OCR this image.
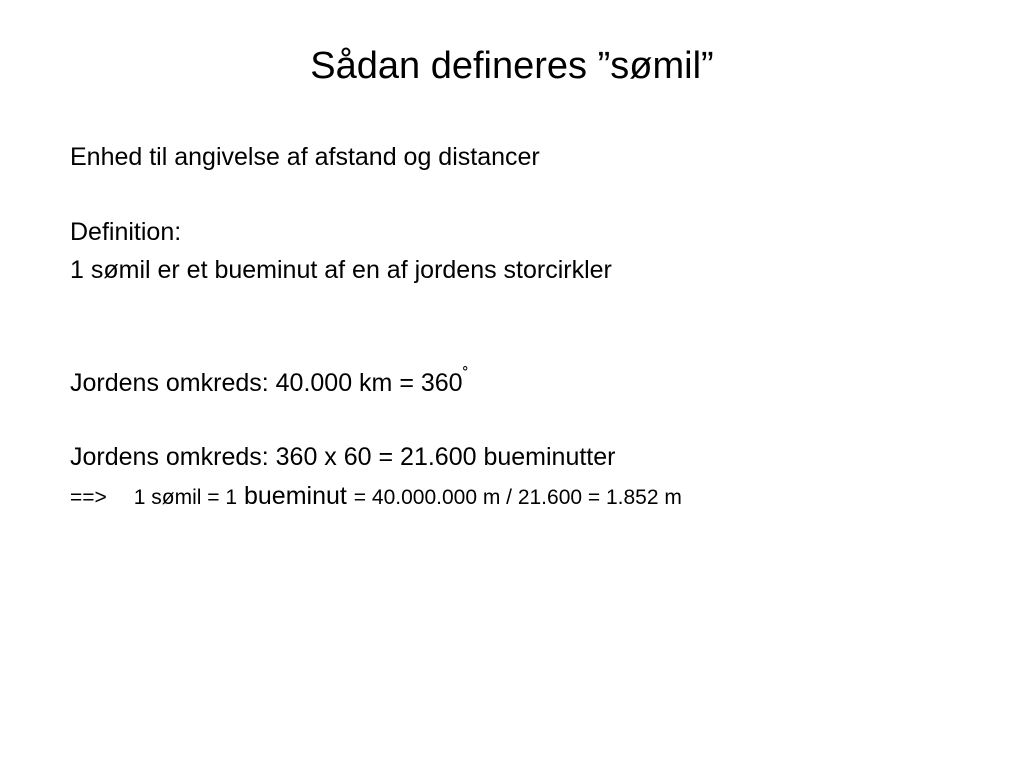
Sådan defineres ”sømil”
Enhed til angivelse af afstand og distancer
Definition:
1 sømil er et bueminut af en af jordens storcirkler
Jordens omkreds: 40.000 km = 360˚
Jordens omkreds: 360 x 60 = 21.600 bueminutter
==> 1 sømil = 1 bueminut = 40.000.000 m / 21.600 = 1.852 m
